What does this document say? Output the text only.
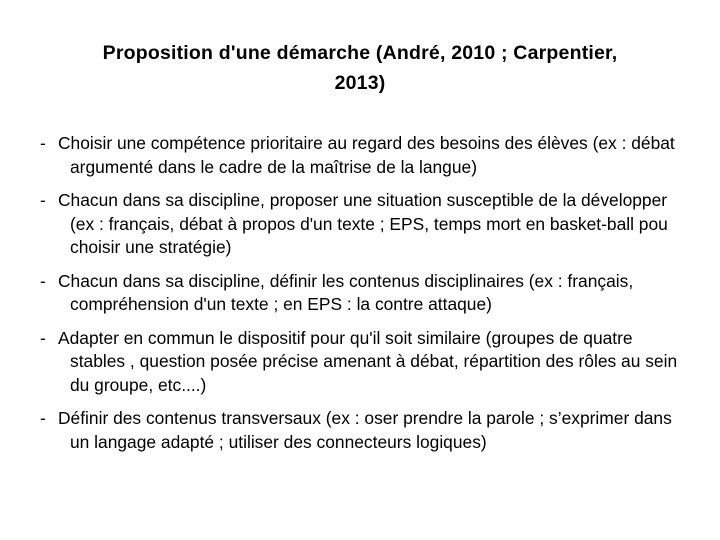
Proposition d'une démarche (André, 2010 ; Carpentier,
2013)
- Choisir une compétence prioritaire au regard des besoins des élèves (ex : débat argumenté dans le cadre de la maîtrise de la langue)
- Chacun dans sa discipline, proposer une situation susceptible de la développer (ex : français, débat à propos d'un texte ; EPS, temps mort en basket-ball pou choisir une stratégie)
- Chacun dans sa discipline, définir les contenus disciplinaires (ex : français, compréhension d'un texte ; en EPS : la contre attaque)
- Adapter en commun le dispositif pour qu'il soit similaire (groupes de quatre stables , question posée précise amenant à débat, répartition des rôles au sein du groupe, etc....)
- Définir des contenus transversaux (ex : oser prendre la parole ; s’exprimer dans un langage adapté ; utiliser des connecteurs logiques)
